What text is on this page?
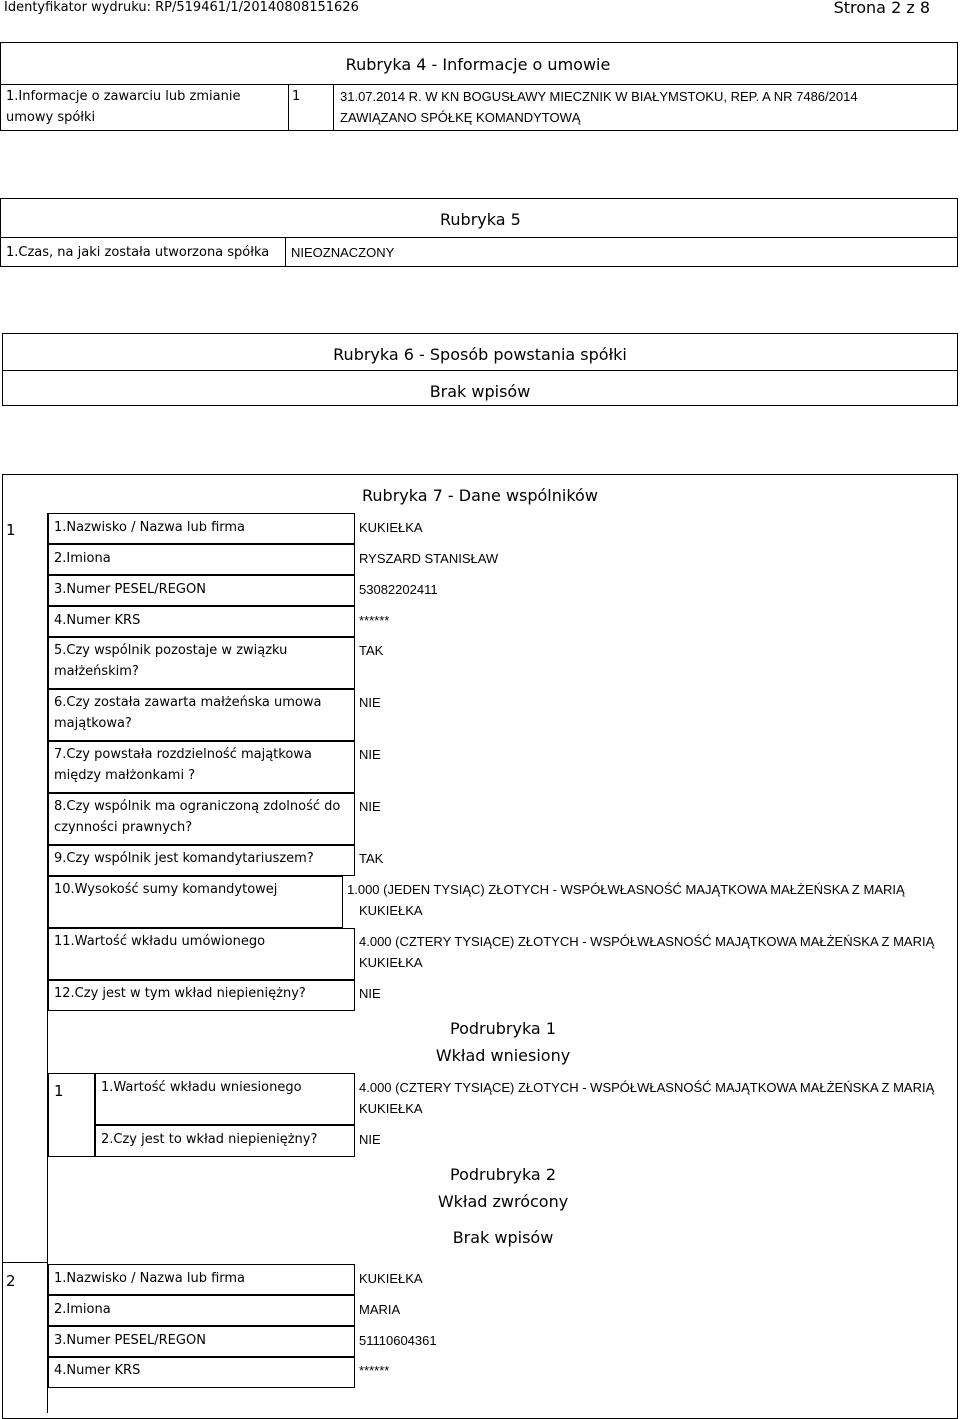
Identyfikator wydruku: RP/519461/1/20140808151626	Strona 2 z 8
Rubryka 4 - Informacje o umowie
1.Informacje o zawarciu lub zmianie
umowy spółki
1	31.07.2014 R. W KN BOGUSŁAWY MIECZNIK W BIAŁYMSTOKU, REP. A NR 7486/2014
ZAWIĄZANO SPÓŁKĘ KOMANDYTOWĄ
Rubryka 5
1.Czas, na jaki została utworzona spółka NIEOZNACZONY
Rubryka 6 - Sposób powstania spółki
Brak wpisów
Rubryka 7 - Dane wspólników
1	1.Nazwisko / Nazwa lub firma	KUKIEŁKA
2.Imiona	RYSZARD STANISŁAW
3.Numer PESEL/REGON	53082202411
4.Numer KRS	******
5.Czy wspólnik pozostaje w związku
małżeńskim?
TAK
6.Czy została zawarta małżeńska umowa
majątkowa?
NIE
7.Czy powstała rozdzielność majątkowa
między małżonkami ?
NIE
8.Czy wspólnik ma ograniczoną zdolność do
czynności prawnych?
NIE
9.Czy wspólnik jest komandytariuszem?	TAK
10.Wysokość sumy komandytowej	1.000 (JEDEN TYSIĄC) ZŁOTYCH - WSPÓŁWŁASNOŚĆ MAJĄTKOWA MAŁŻEŃSKA Z MARIĄ
KUKIEŁKA
11.Wartość wkładu umówionego	4.000 (CZTERY TYSIĄCE) ZŁOTYCH - WSPÓŁWŁASNOŚĆ MAJĄTKOWA MAŁŻEŃSKA Z MARIĄ
KUKIEŁKA
12.Czy jest w tym wkład niepieniężny?	NIE
Podrubryka 1
Wkład wniesiony
1	1.Wartość wkładu wniesionego	4.000 (CZTERY TYSIĄCE) ZŁOTYCH - WSPÓŁWŁASNOŚĆ MAJĄTKOWA MAŁŻEŃSKA Z MARIĄ
KUKIEŁKA
2.Czy jest to wkład niepieniężny?	NIE
Podrubryka 2
Wkład zwrócony
Brak wpisów
2	1.Nazwisko / Nazwa lub firma	KUKIEŁKA
2.Imiona	MARIA
3.Numer PESEL/REGON	51110604361
4.Numer KRS	******
